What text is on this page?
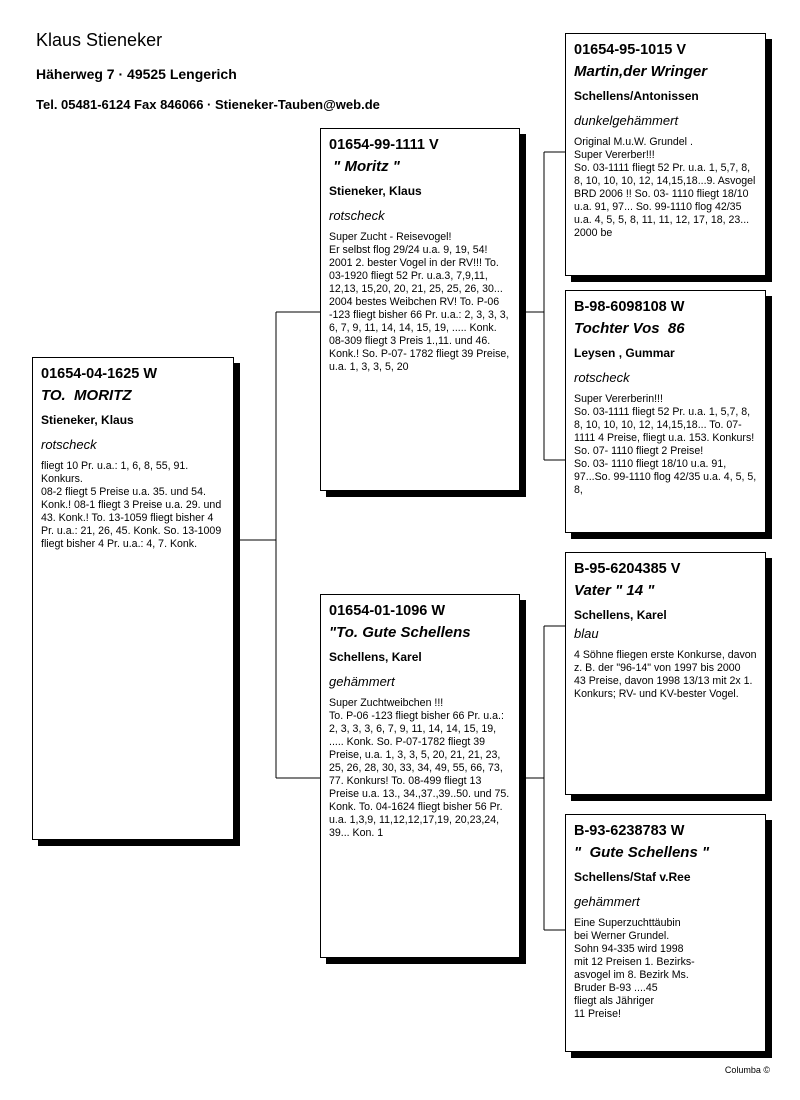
Klaus Stieneker
Häherweg 7 · 49525 Lengerich
Tel. 05481-6124 Fax 846066 · Stieneker-Tauben@web.de
01654-04-1625 W
TO.  MORITZ
Stieneker, Klaus
rotscheck
fliegt 10 Pr. u.a.: 1, 6, 8, 55, 91. Konkurs.
08-2 fliegt 5 Preise u.a. 35. und 54. Konk.! 08-1 fliegt 3 Preise u.a. 29. und 43. Konk.! To. 13-1059 fliegt bisher 4 Pr. u.a.: 21, 26, 45. Konk. So. 13-1009 fliegt bisher 4 Pr. u.a.: 4, 7. Konk.
01654-99-1111 V
" Moritz "
Stieneker, Klaus
rotscheck
Super Zucht - Reisevogel!
Er selbst flog 29/24 u.a. 9, 19, 54! 2001 2. bester Vogel in der RV!!! To. 03-1920 fliegt 52 Pr. u.a.3, 7,9,11, 12,13, 15,20, 20, 21, 25, 25, 26, 30... 2004 bestes Weibchen RV! To. P-06 -123 fliegt bisher 66 Pr. u.a.: 2, 3, 3, 3, 6, 7, 9, 11, 14, 14, 15, 19, ..... Konk. 08-309 fliegt 3 Preis 1.,11. und 46. Konk.! So. P-07- 1782 fliegt 39 Preise, u.a. 1, 3, 3, 5, 20
01654-01-1096 W
"To. Gute Schellens
Schellens, Karel
gehämmert
Super Zuchtweibchen !!!
To. P-06 -123 fliegt bisher 66 Pr. u.a.: 2, 3, 3, 3, 6, 7, 9, 11, 14, 14, 15, 19, ..... Konk. So. P-07-1782 fliegt 39 Preise, u.a. 1, 3, 3, 5, 20, 21, 21, 23, 25, 26, 28, 30, 33, 34, 49, 55, 66, 73, 77. Konkurs! To. 08-499 fliegt 13 Preise u.a. 13., 34.,37.,39..50. und 75. Konk. To. 04-1624 fliegt bisher 56 Pr. u.a. 1,3,9, 11,12,12,17,19, 20,23,24, 39... Kon. 1
01654-95-1015 V
Martin,der Wringer
Schellens/Antonissen
dunkelgehämmert
Original M.u.W. Grundel .
Super Vererber!!!
So. 03-1111 fliegt 52 Pr. u.a. 1, 5,7, 8, 8, 10, 10, 10, 12, 14,15,18...9. Asvogel BRD 2006 !! So. 03- 1110 fliegt 18/10 u.a. 91, 97... So. 99-1110 flog 42/35 u.a. 4, 5, 5, 8, 11, 11, 12, 17, 18, 23... 2000 be
B-98-6098108 W
Tochter Vos  86
Leysen , Gummar
rotscheck
Super Vererberin!!!
So. 03-1111 fliegt 52 Pr. u.a. 1, 5,7, 8, 8, 10, 10, 10, 12, 14,15,18... To. 07- 1111 4 Preise, fliegt u.a. 153. Konkurs! So. 07- 1110 fliegt 2 Preise!
So. 03- 1110 fliegt 18/10 u.a. 91, 97...So. 99-1110 flog 42/35 u.a. 4, 5, 5, 8,
B-95-6204385 V
Vater " 14 "
Schellens, Karel
blau
4 Söhne fliegen erste Konkurse, davon z. B. der "96-14" von 1997 bis 2000
43 Preise, davon 1998 13/13 mit 2x 1. Konkurs; RV- und KV-bester Vogel.
B-93-6238783 W
"  Gute Schellens "
Schellens/Staf v.Ree
gehämmert
Eine Superzuchttäubin
bei Werner Grundel.
Sohn 94-335 wird 1998
mit 12 Preisen 1. Bezirks-
asvogel im 8. Bezirk Ms.
Bruder B-93 ....45
fliegt als Jähriger
11 Preise!
Columba ©
